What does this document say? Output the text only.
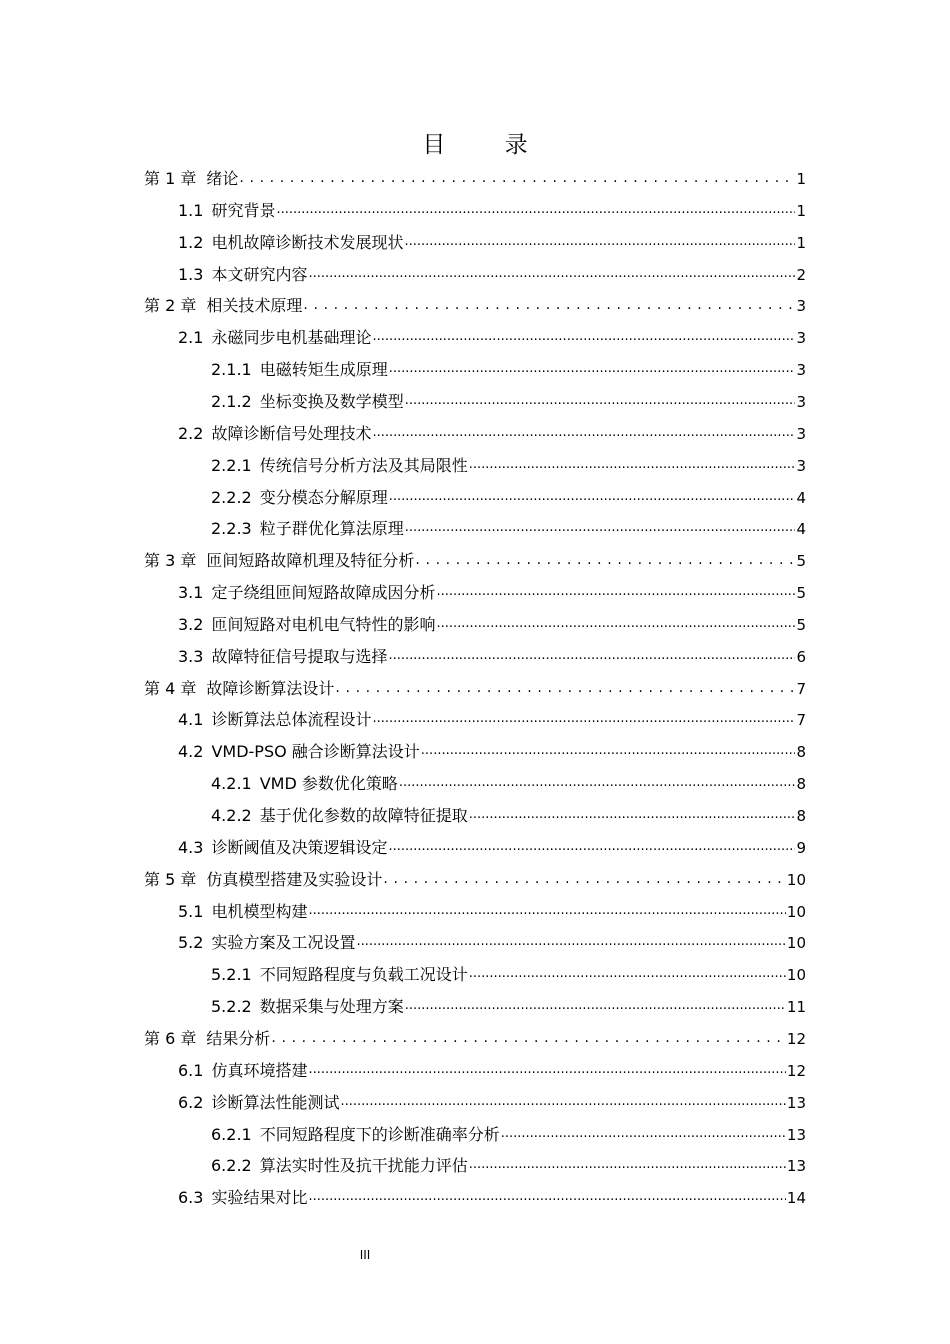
目 录
第 1 章 绪论 . . .	1
1.1 研究背景 .....	1
1.2 电机故障诊断技术发展现状 .....	1
1.3 本文研究内容 .....	2
第 2 章 相关技术原理 . . .	3
2.1 永磁同步电机基础理论 .....	3
2.1.1 电磁转矩生成原理 .....	3
2.1.2 坐标变换及数学模型 .....	3
2.2 故障诊断信号处理技术 .....	3
2.2.1 传统信号分析方法及其局限性 .....	3
2.2.2 变分模态分解原理 .....	4
2.2.3 粒子群优化算法原理 .....	4
第 3 章 匝间短路故障机理及特征分析 . . .	5
3.1 定子绕组匝间短路故障成因分析 .....	5
3.2 匝间短路对电机电气特性的影响 .....	5
3.3 故障特征信号提取与选择 .....	6
第 4 章 故障诊断算法设计 . . .	7
4.1 诊断算法总体流程设计 .....	7
4.2 VMD-PSO 融合诊断算法设计 .....	8
4.2.1 VMD 参数优化策略 .....	8
4.2.2 基于优化参数的故障特征提取 .....	8
4.3 诊断阈值及决策逻辑设定 .....	9
第 5 章 仿真模型搭建及实验设计 . . .	10
5.1 电机模型构建 .....	10
5.2 实验方案及工况设置 .....	10
5.2.1 不同短路程度与负载工况设计 .....	10
5.2.2 数据采集与处理方案 .....	11
第 6 章 结果分析 . . .	12
6.1 仿真环境搭建 .....	12
6.2 诊断算法性能测试 .....	13
6.2.1 不同短路程度下的诊断准确率分析 .....	13
6.2.2 算法实时性及抗干扰能力评估 .....	13
6.3 实验结果对比 .....	14
III
